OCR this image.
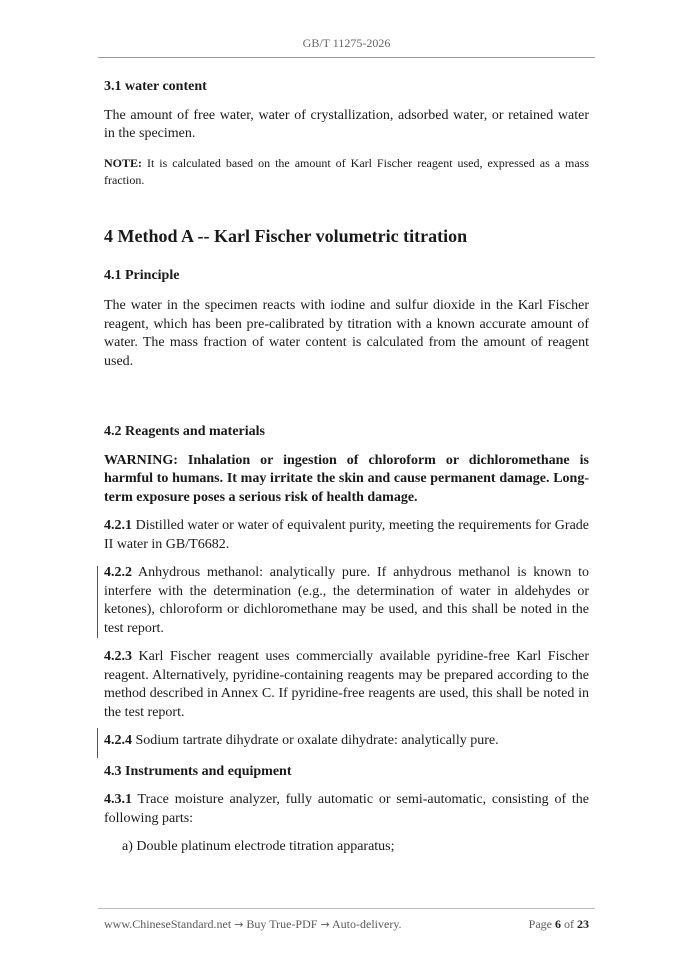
GB/T 11275-2026
3.1 water content
The amount of free water, water of crystallization, adsorbed water, or retained water in the specimen.
NOTE: It is calculated based on the amount of Karl Fischer reagent used, expressed as a mass fraction.
4 Method A -- Karl Fischer volumetric titration
4.1 Principle
The water in the specimen reacts with iodine and sulfur dioxide in the Karl Fischer reagent, which has been pre-calibrated by titration with a known accurate amount of water. The mass fraction of water content is calculated from the amount of reagent used.
4.2 Reagents and materials
WARNING: Inhalation or ingestion of chloroform or dichloromethane is harmful to humans. It may irritate the skin and cause permanent damage. Long-term exposure poses a serious risk of health damage.
4.2.1 Distilled water or water of equivalent purity, meeting the requirements for Grade II water in GB/T6682.
4.2.2 Anhydrous methanol: analytically pure. If anhydrous methanol is known to interfere with the determination (e.g., the determination of water in aldehydes or ketones), chloroform or dichloromethane may be used, and this shall be noted in the test report.
4.2.3 Karl Fischer reagent uses commercially available pyridine-free Karl Fischer reagent. Alternatively, pyridine-containing reagents may be prepared according to the method described in Annex C. If pyridine-free reagents are used, this shall be noted in the test report.
4.2.4 Sodium tartrate dihydrate or oxalate dihydrate: analytically pure.
4.3 Instruments and equipment
4.3.1 Trace moisture analyzer, fully automatic or semi-automatic, consisting of the following parts:
a) Double platinum electrode titration apparatus;
www.ChineseStandard.net → Buy True-PDF → Auto-delivery.	Page 6 of 23
